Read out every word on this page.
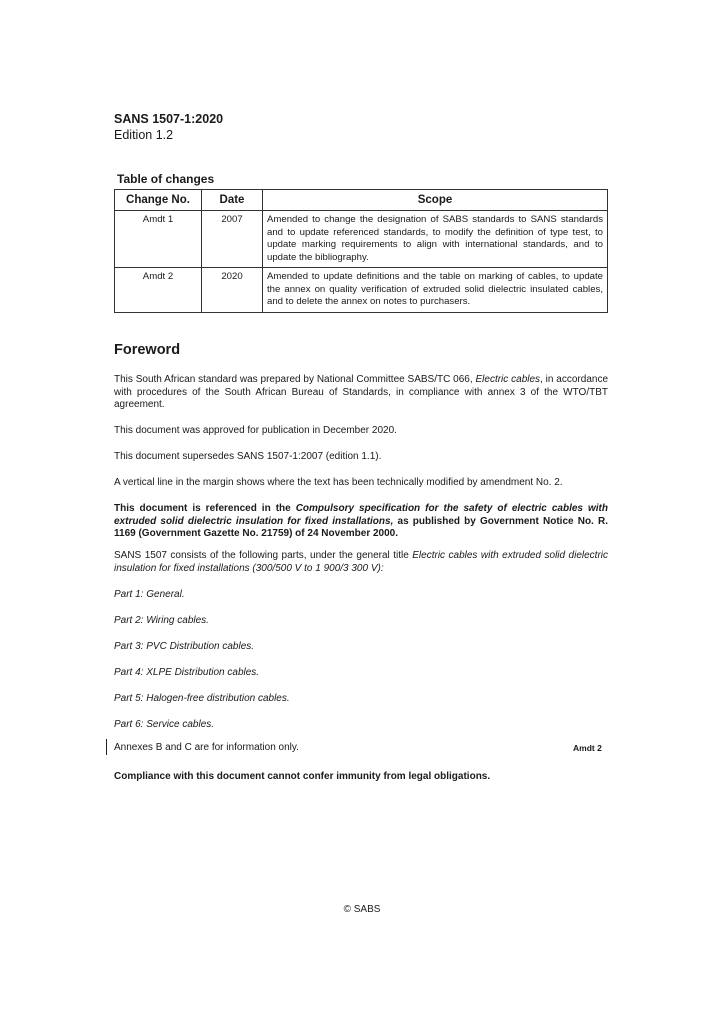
SANS 1507-1:2020
Edition 1.2
Table of changes
Change No.	Date	Scope
Amdt 1	2007	Amended to change the designation of SABS standards to SANS standards and to update referenced standards, to modify the definition of type test, to update marking requirements to align with international standards, and to update the bibliography.
Amdt 2	2020	Amended to update definitions and the table on marking of cables, to update the annex on quality verification of extruded solid dielectric insulated cables, and to delete the annex on notes to purchasers.
Foreword
This South African standard was prepared by National Committee SABS/TC 066, Electric cables, in accordance with procedures of the South African Bureau of Standards, in compliance with annex 3 of the WTO/TBT agreement.
This document was approved for publication in December 2020.
This document supersedes SANS 1507-1:2007 (edition 1.1).
A vertical line in the margin shows where the text has been technically modified by amendment No. 2.
This document is referenced in the Compulsory specification for the safety of electric cables with extruded solid dielectric insulation for fixed installations, as published by Government Notice No. R. 1169 (Government Gazette No. 21759) of 24 November 2000.
SANS 1507 consists of the following parts, under the general title Electric cables with extruded solid dielectric insulation for fixed installations (300/500 V to 1 900/3 300 V):
Part 1: General.
Part 2: Wiring cables.
Part 3: PVC Distribution cables.
Part 4: XLPE Distribution cables.
Part 5: Halogen-free distribution cables.
Part 6: Service cables.
Annexes B and C are for information only.	Amdt 2
Compliance with this document cannot confer immunity from legal obligations.
© SABS
